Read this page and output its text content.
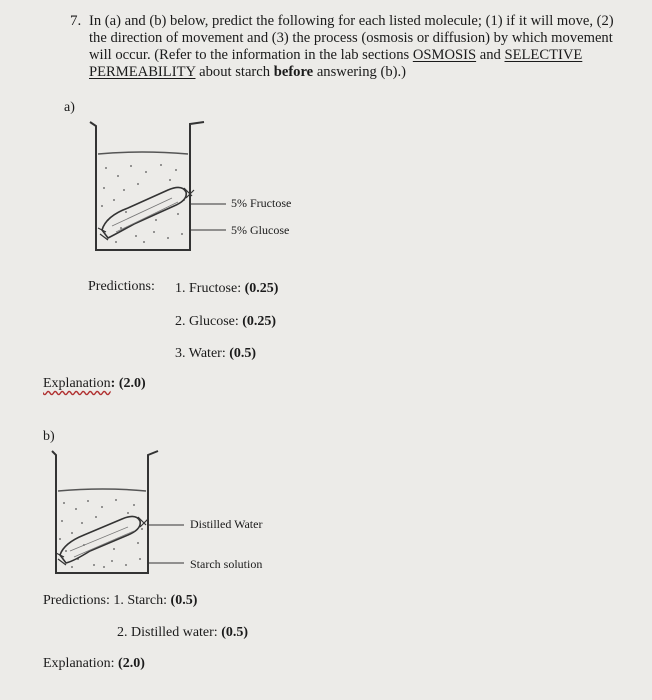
7. In (a) and (b) below, predict the following for each listed molecule; (1) if it will move, (2)
the direction of movement and (3) the process (osmosis or diffusion) by which movement
will occur. (Refer to the information in the lab sections OSMOSIS and SELECTIVE
PERMEABILITY about starch before answering (b).)
a)
5% Fructose
5% Glucose
Predictions: 1. Fructose: (0.25)
2. Glucose: (0.25)
3. Water: (0.5)
Explanation: (2.0)
b)
Distilled Water
Starch solution
Predictions: 1. Starch: (0.5)
2. Distilled water: (0.5)
Explanation: (2.0)
